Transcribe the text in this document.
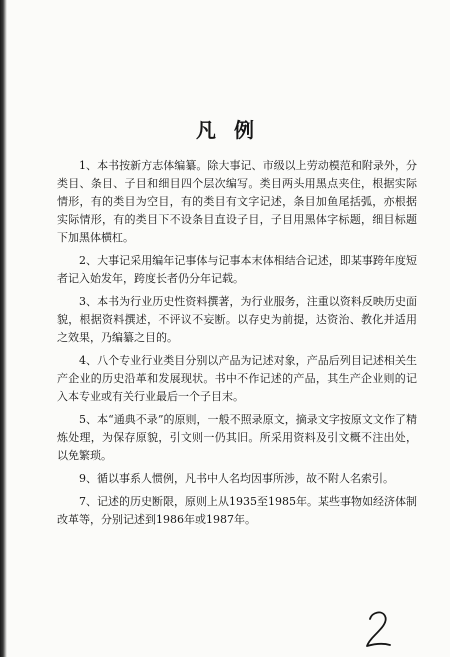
凡例

1、本书按新方志体编纂。除大事记、市级以上劳动模范和附录外，分类目、条目、子目和细目四个层次编写。类目两头用黑点夹住，根据实际情形，有的类目为空目，有的类目有文字记述，条目加鱼尾括弧，亦根据实际情形，有的类目下不设条目直设子目，子目用黑体字标题，细目标题下加黑体横杠。

2、大事记采用编年记事体与记事本末体相结合记述，即某事跨年度短者记入始发年，跨度长者仍分年记载。

3、本书为行业历史性资料撰著，为行业服务，注重以资料反映历史面貌，根据资料撰述，不评议不妄断。以存史为前提，达资治、教化并适用之效果，乃编纂之目的。

4、八个专业行业类目分别以产品为记述对象，产品后列目记述相关生产企业的历史沿革和发展现状。书中不作记述的产品，其生产企业则的记入本专业或有关行业最后一个子目末。

5、本“通典不录”的原则，一般不照录原文，摘录文字按原文文作了精炼处理，为保存原貌，引文则一仍其旧。所采用资料及引文概不注出处，以免繁琐。

9、循以事系人惯例，凡书中人名均因事所涉，故不附人名索引。

7、记述的历史断限，原则上从1935至1985年。某些事物如经济体制改革等，分别记述到1986年或1987年。
